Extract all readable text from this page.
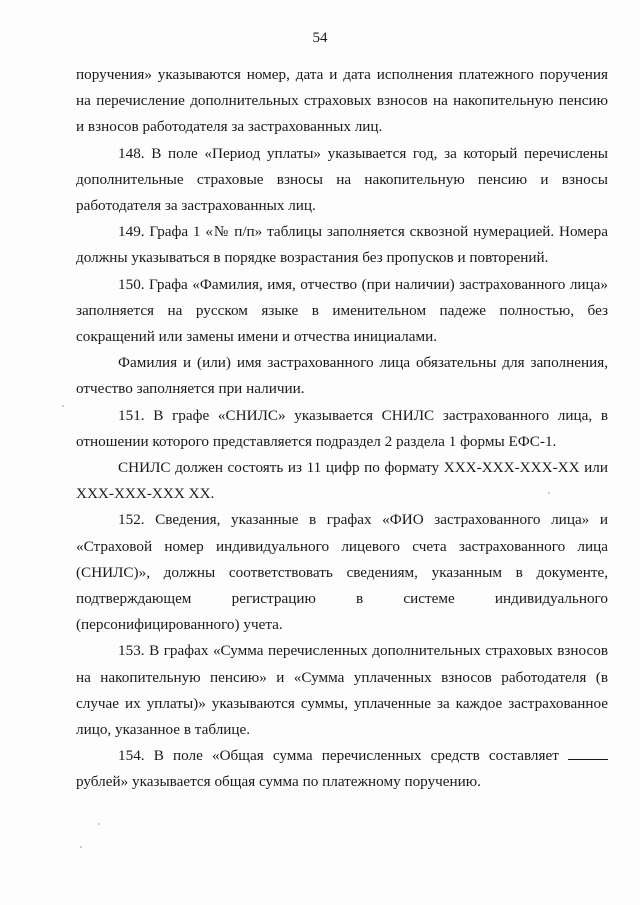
54

поручения» указываются номер, дата и дата исполнения платежного поручения на перечисление дополнительных страховых взносов на накопительную пенсию и взносов работодателя за застрахованных лиц.

148. В поле «Период уплаты» указывается год, за который перечислены дополнительные страховые взносы на накопительную пенсию и взносы работодателя за застрахованных лиц.

149. Графа 1 «№ п/п» таблицы заполняется сквозной нумерацией. Номера должны указываться в порядке возрастания без пропусков и повторений.

150. Графа «Фамилия, имя, отчество (при наличии) застрахованного лица» заполняется на русском языке в именительном падеже полностью, без сокращений или замены имени и отчества инициалами.

Фамилия и (или) имя застрахованного лица обязательны для заполнения, отчество заполняется при наличии.

151. В графе «СНИЛС» указывается СНИЛС застрахованного лица, в отношении которого представляется подраздел 2 раздела 1 формы ЕФС-1.

СНИЛС должен состоять из 11 цифр по формату ХХХ-ХХХ-ХХХ-ХХ или ХХХ-ХХХ-ХХХ ХХ.

152. Сведения, указанные в графах «ФИО застрахованного лица» и «Страховой номер индивидуального лицевого счета застрахованного лица (СНИЛС)», должны соответствовать сведениям, указанным в документе, подтверждающем регистрацию в системе индивидуального (персонифицированного) учета.

153. В графах «Сумма перечисленных дополнительных страховых взносов на накопительную пенсию» и «Сумма уплаченных взносов работодателя (в случае их уплаты)» указываются суммы, уплаченные за каждое застрахованное лицо, указанное в таблице.

154. В поле «Общая сумма перечисленных средств составляет  рублей» указывается общая сумма по платежному поручению.
